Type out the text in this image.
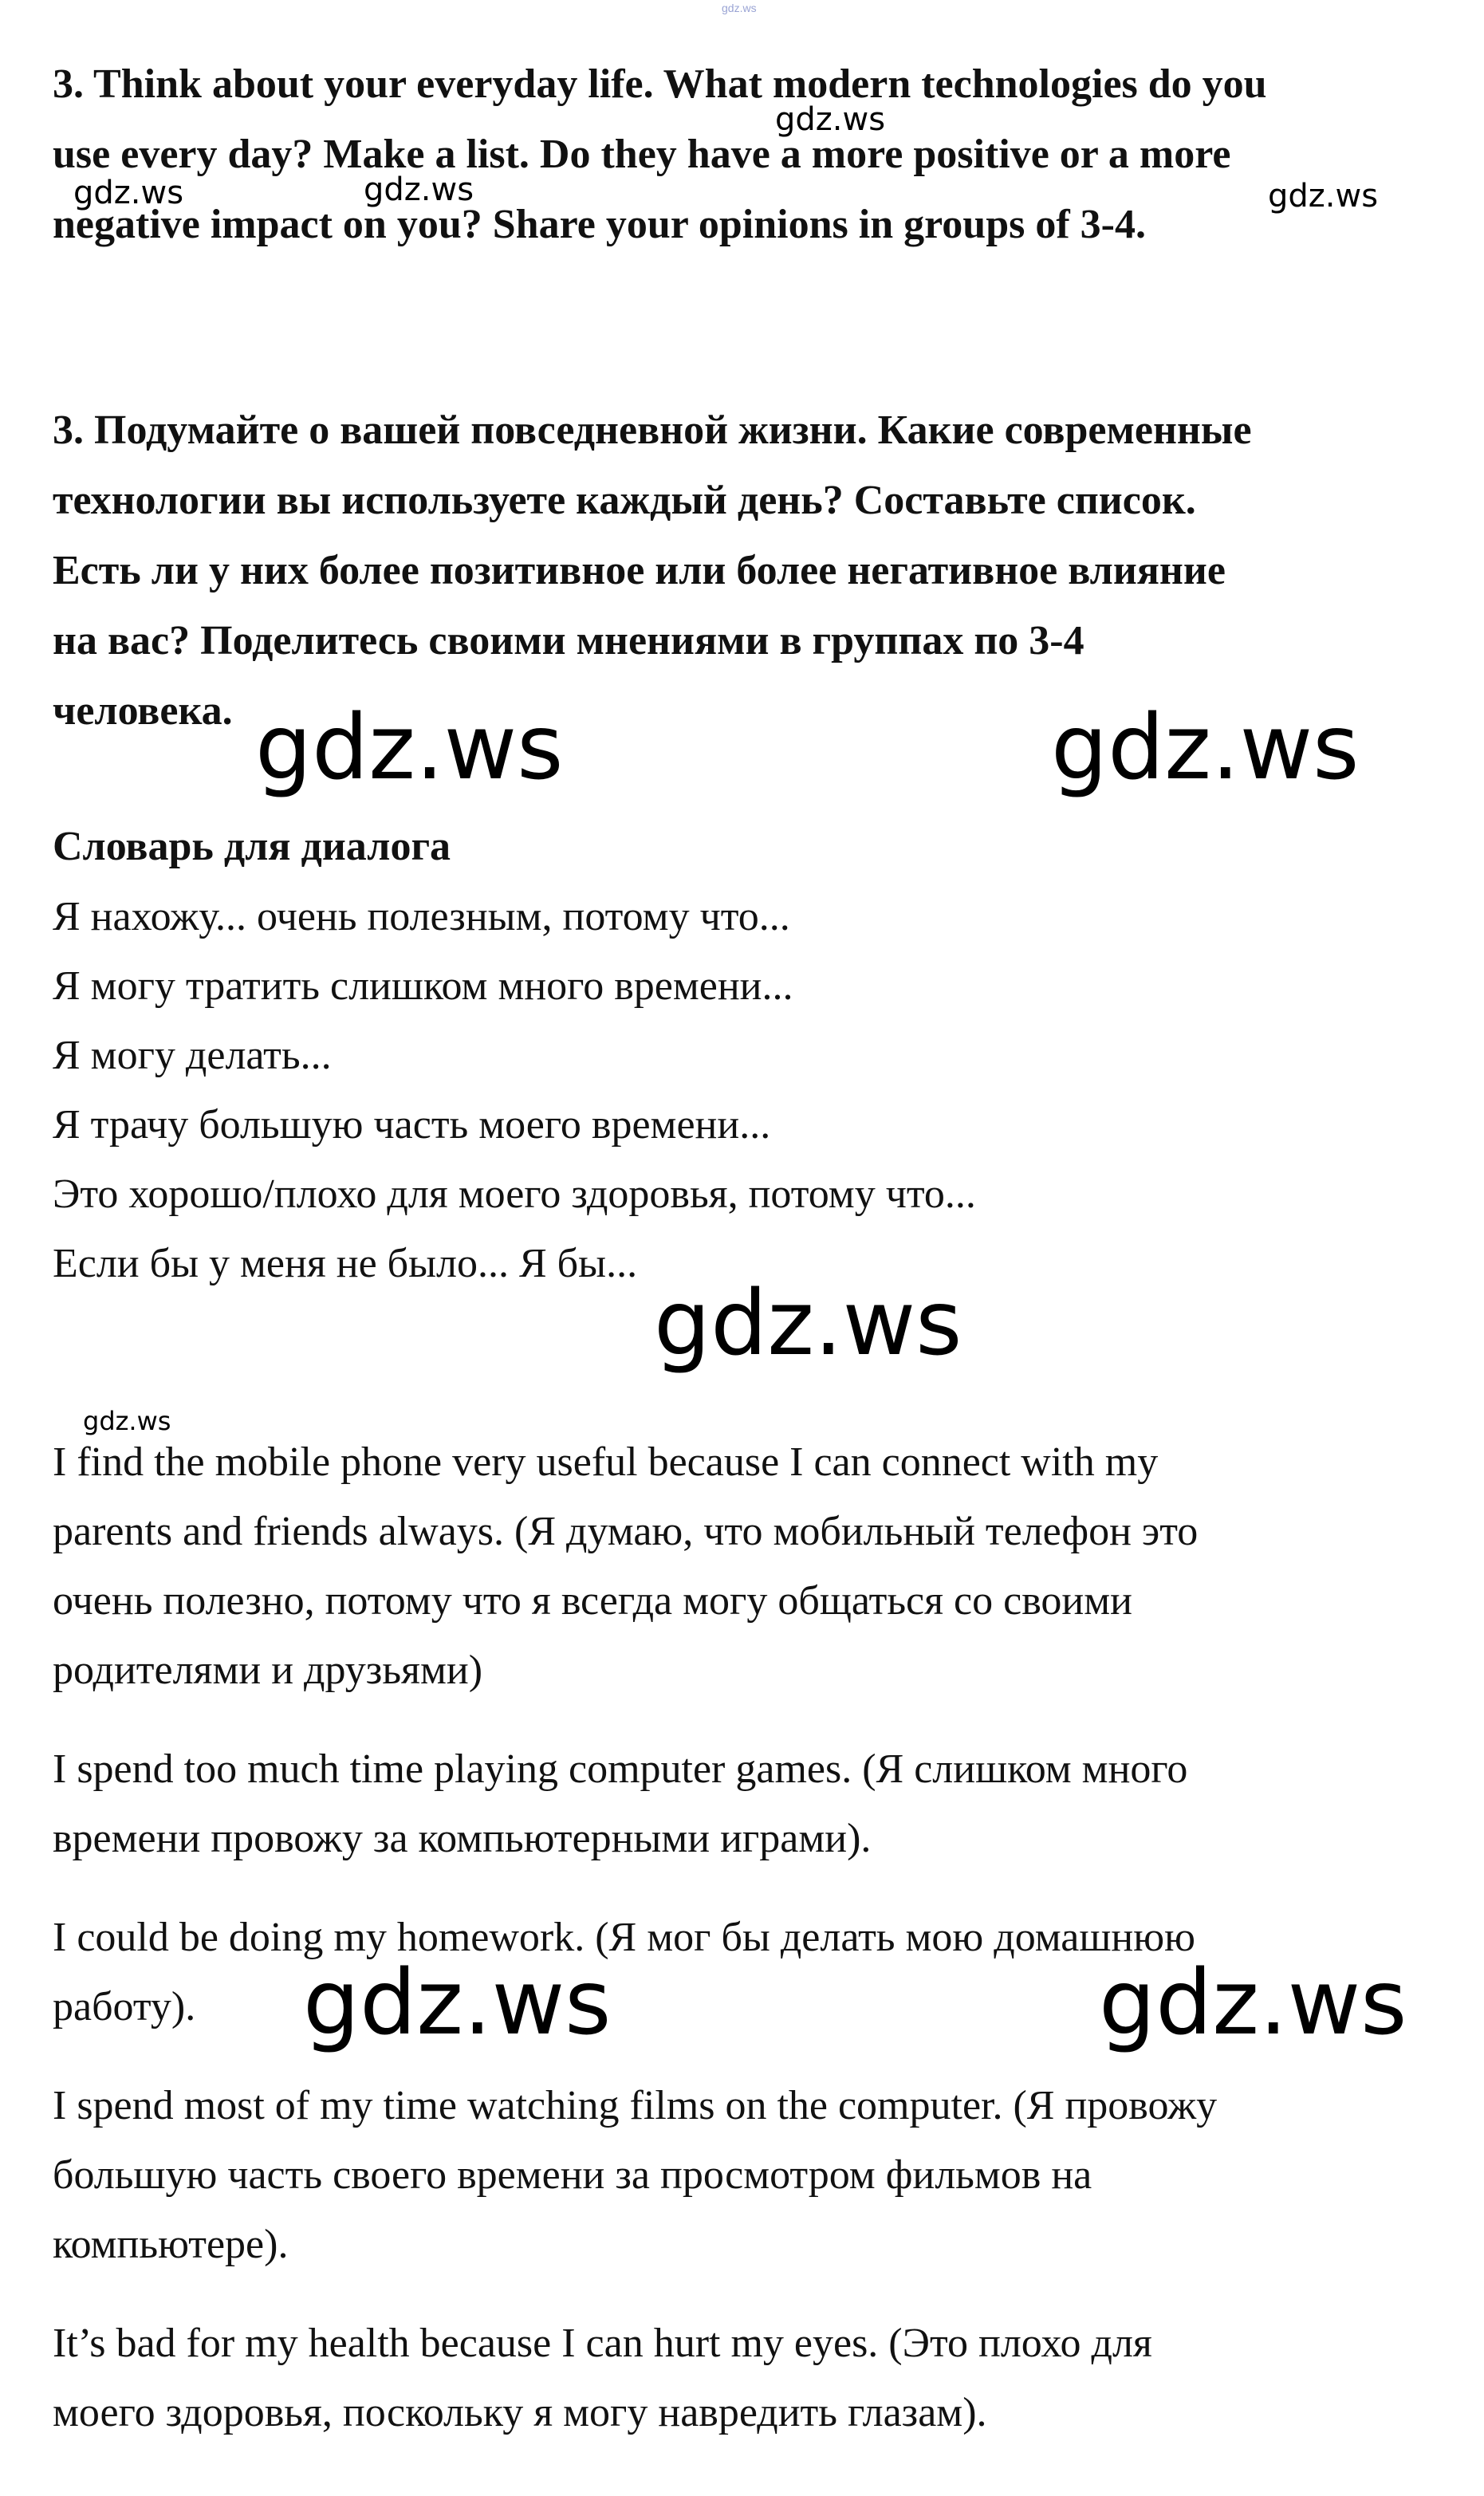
gdz.ws
3. Think about your everyday life. What modern technologies do you
use every day? Make a list. Do they have a more positive or a more
negative impact on you? Share your opinions in groups of 3-4.
3. Подумайте о вашей повседневной жизни. Какие современные
технологии вы используете каждый день? Составьте список.
Есть ли у них более позитивное или более негативное влияние
на вас? Поделитесь своими мнениями в группах по 3-4
человека.
Словарь для диалога
Я нахожу... очень полезным, потому что...
Я могу тратить слишком много времени...
Я могу делать...
Я трачу большую часть моего времени...
Это хорошо/плохо для моего здоровья, потому что...
Если бы у меня не было... Я бы...
I find the mobile phone very useful because I can connect with my
parents and friends always. (Я думаю, что мобильный телефон это
очень полезно, потому что я всегда могу общаться со своими
родителями и друзьями)
I spend too much time playing computer games. (Я слишком много
времени провожу за компьютерными играми).
I could be doing my homework. (Я мог бы делать мою домашнюю
работу).
I spend most of my time watching films on the computer. (Я провожу
большую часть своего времени за просмотром фильмов на
компьютере).
It’s bad for my health because I can hurt my eyes. (Это плохо для
моего здоровья, поскольку я могу навредить глазам).
gdz.ws
gdz.ws	gdz.ws	gdz.ws
gdz.ws	gdz.ws
gdz.ws
gdz.ws
gdz.ws	gdz.ws
